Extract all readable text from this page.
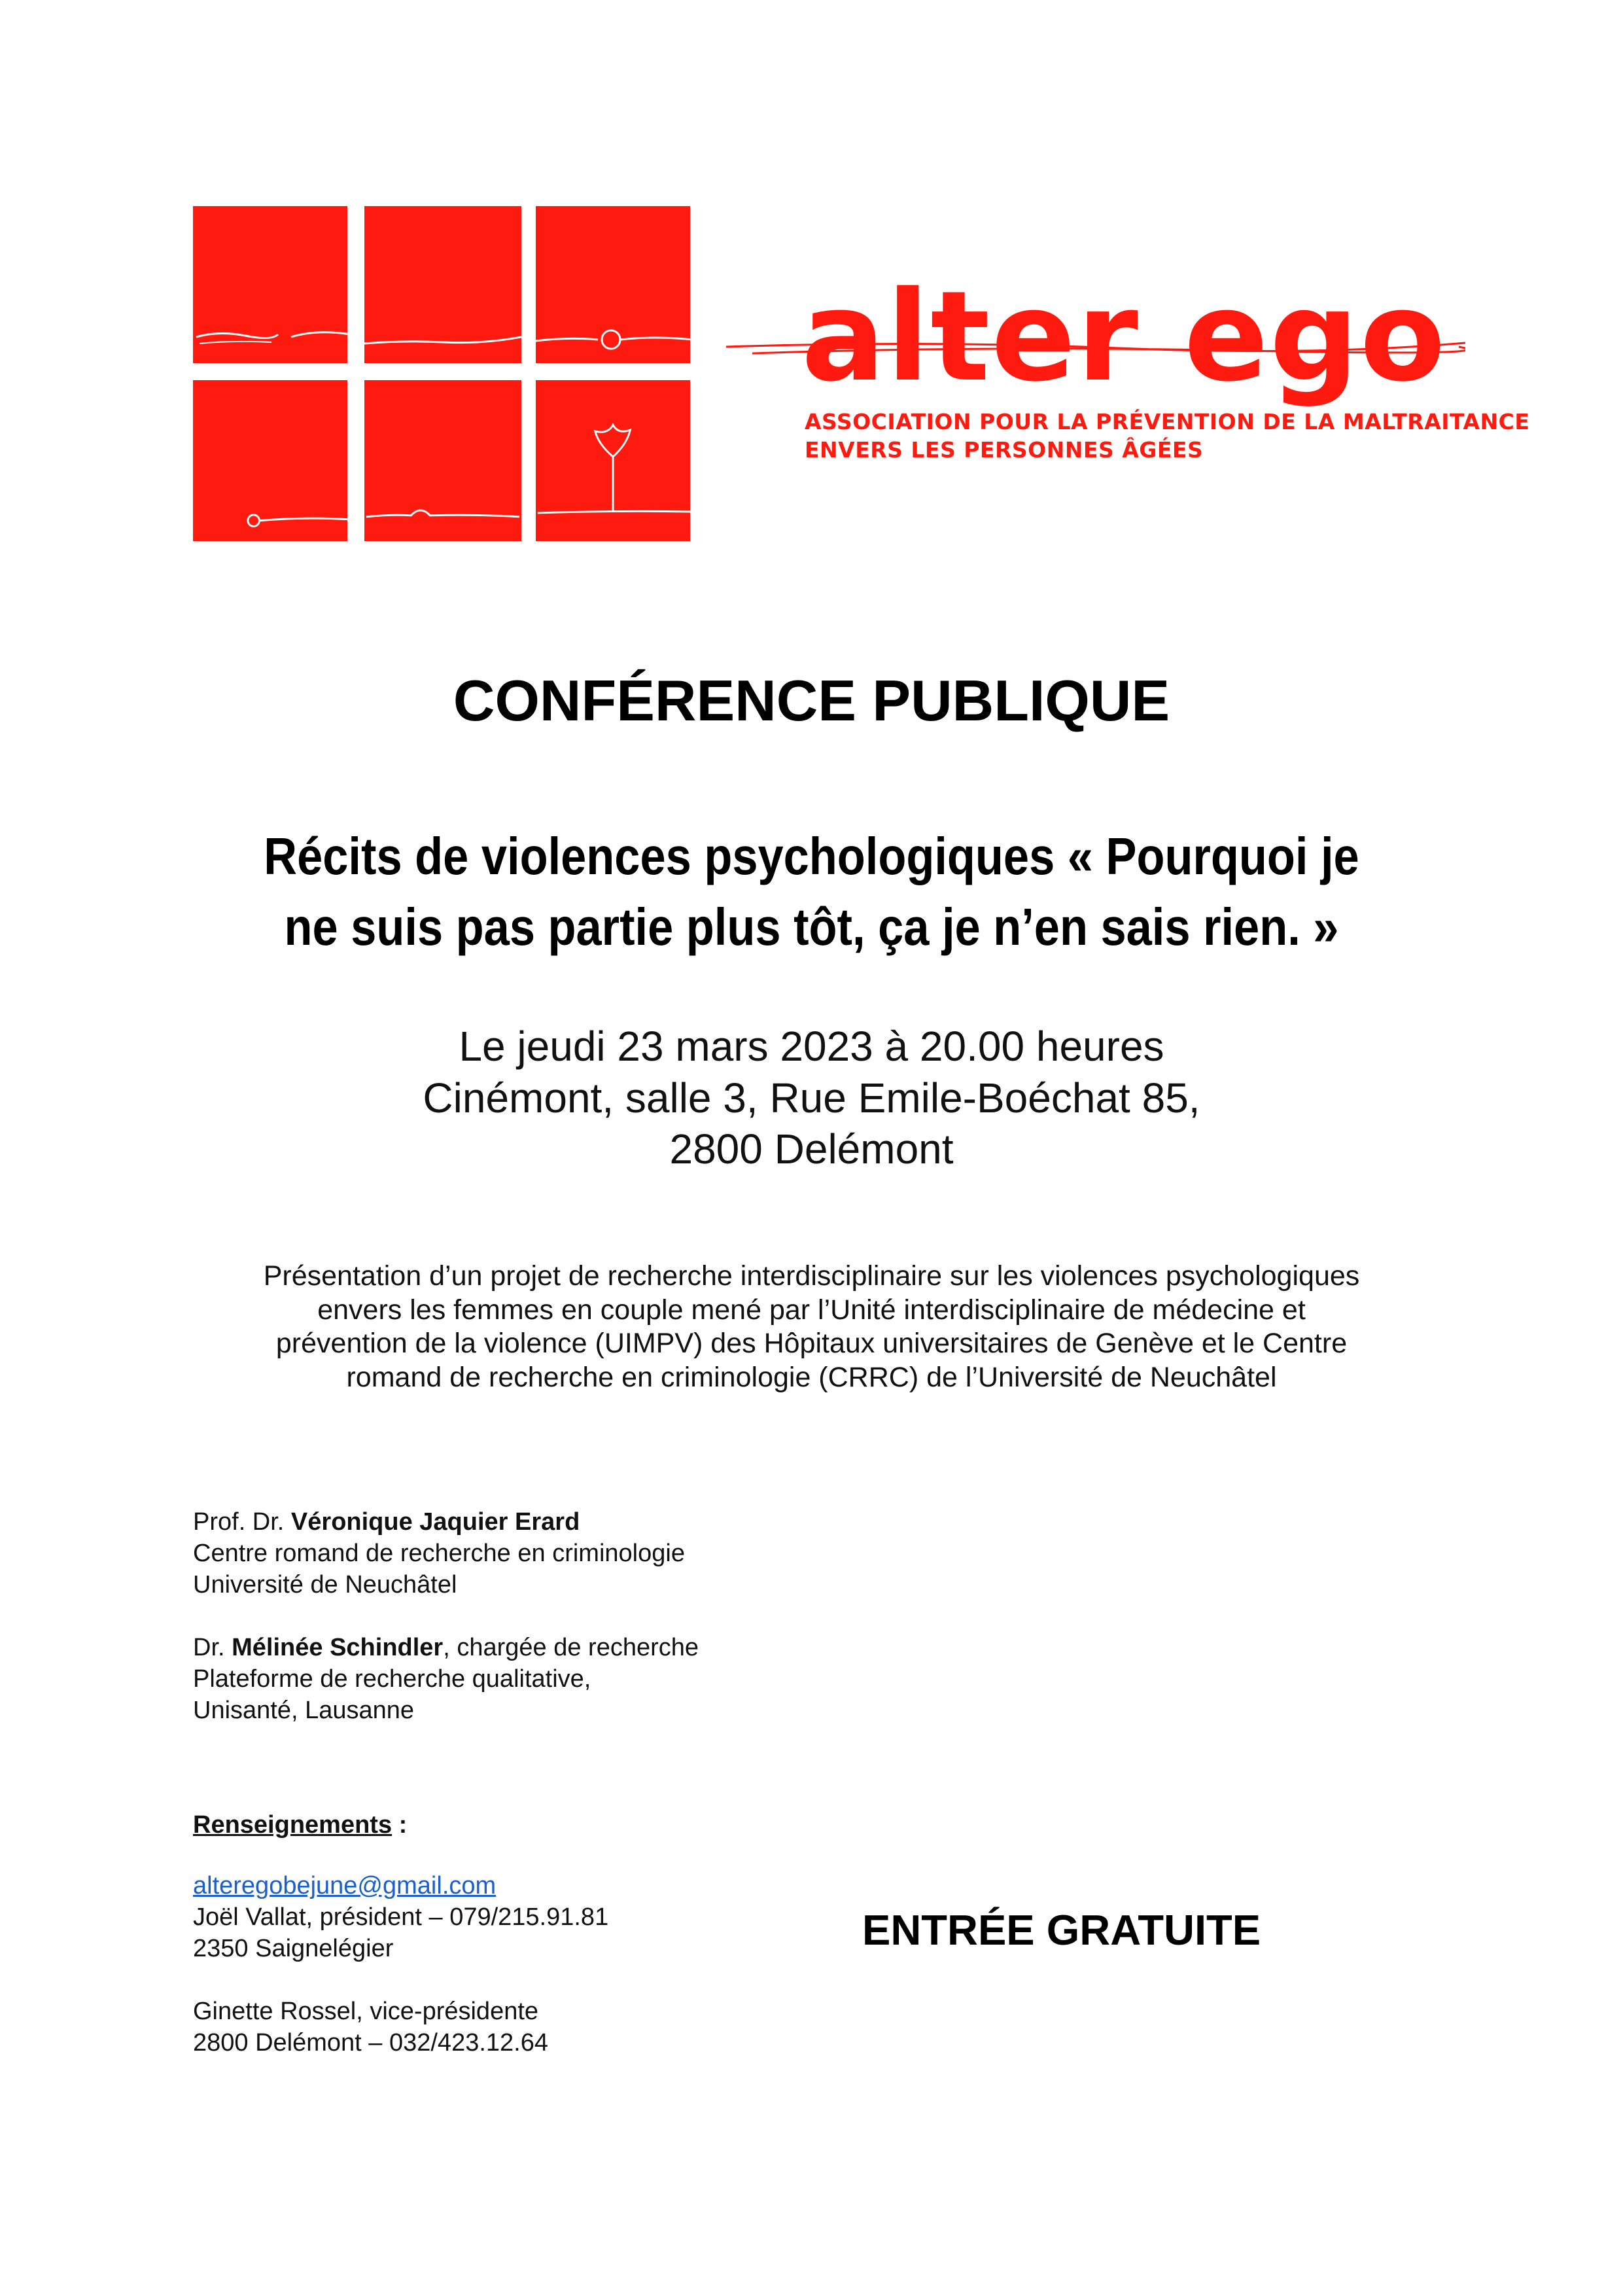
alter ego
ASSOCIATION POUR LA PRÉVENTION DE LA MALTRAITANCE
ENVERS LES PERSONNES ÂGÉES
CONFÉRENCE PUBLIQUE
Récits de violences psychologiques « Pourquoi je
ne suis pas partie plus tôt, ça je n’en sais rien. »
Le jeudi 23 mars 2023 à 20.00 heures
Cinémont, salle 3, Rue Emile-Boéchat 85,
2800 Delémont
Présentation d’un projet de recherche interdisciplinaire sur les violences psychologiques
envers les femmes en couple mené par l’Unité interdisciplinaire de médecine et
prévention de la violence (UIMPV) des Hôpitaux universitaires de Genève et le Centre
romand de recherche en criminologie (CRRC) de l’Université de Neuchâtel
Prof. Dr. Véronique Jaquier Erard
Centre romand de recherche en criminologie
Université de Neuchâtel
Dr. Mélinée Schindler, chargée de recherche
Plateforme de recherche qualitative,
Unisanté, Lausanne
Renseignements :
alteregobejune@gmail.com
Joël Vallat, président – 079/215.91.81
2350 Saignelégier
Ginette Rossel, vice-présidente
2800 Delémont – 032/423.12.64
ENTRÉE GRATUITE
